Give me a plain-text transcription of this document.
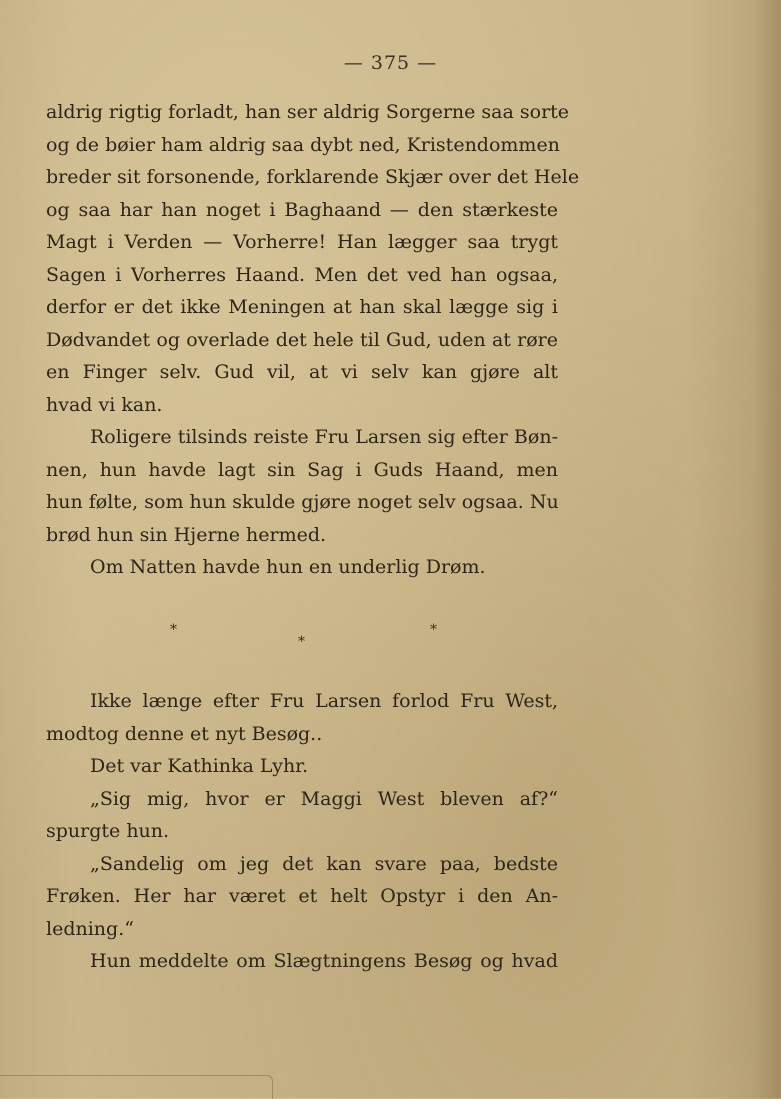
— 375 —
aldrig rigtig forladt, han ser aldrig Sorgerne saa sorte
og de bøier ham aldrig saa dybt ned, Kristendommen
breder sit forsonende, forklarende Skjær over det Hele
og saa har han noget i Baghaand — den stærkeste
Magt i Verden — Vorherre! Han lægger saa trygt
Sagen i Vorherres Haand. Men det ved han ogsaa,
derfor er det ikke Meningen at han skal lægge sig i
Dødvandet og overlade det hele til Gud, uden at røre
en Finger selv. Gud vil, at vi selv kan gjøre alt
hvad vi kan.
Roligere tilsinds reiste Fru Larsen sig efter Bøn-
nen, hun havde lagt sin Sag i Guds Haand, men
hun følte, som hun skulde gjøre noget selv ogsaa. Nu
brød hun sin Hjerne hermed.
Om Natten havde hun en underlig Drøm.
*
*
*
Ikke længe efter Fru Larsen forlod Fru West,
modtog denne et nyt Besøg..
Det var Kathinka Lyhr.
„Sig mig, hvor er Maggi West bleven af?“
spurgte hun.
„Sandelig om jeg det kan svare paa, bedste
Frøken. Her har været et helt Opstyr i den An-
ledning.“
Hun meddelte om Slægtningens Besøg og hvad
